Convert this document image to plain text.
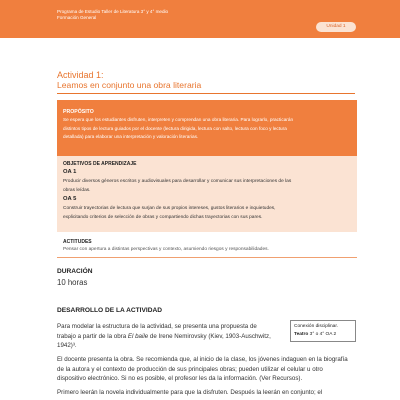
Programa de Estudio Taller de Literatura 3° y 4° medio
Formación General
Unidad 1
Actividad 1:
Leamos en conjunto una obra literaria
PROPÓSITO
Se espera que los estudiantes disfruten, interpreten y comprendan una obra literaria. Para lograrlo, practicarán
distintos tipos de lectura guiados por el docente (lectura dirigida, lectura con salto, lectura con foco y lectura
detallada) para elaborar una interpretación y valoración literarias.
OBJETIVOS DE APRENDIZAJE
OA 1
Producir diversos géneros escritos y audiovisuales para desarrollar y comunicar sus interpretaciones de las
obras leídas.
OA 5
Construir trayectorias de lectura que surjan de sus propios intereses, gustos literarios e inquietudes,
explicitando criterios de selección de obras y compartiendo dichas trayectorias con sus pares.
ACTITUDES
Pensar con apertura a distintas perspectivas y contexto, asumiendo riesgos y responsabilidades.
DURACIÓN
10 horas
DESARROLLO DE LA ACTIVIDAD
Para modelar la estructura de la actividad, se presenta una propuesta de
trabajo a partir de la obra El baile de Irene Nemirovsky (Kiev, 1903-Auschwitz,
1942)³.
Conexión disciplinar.
Teatro 3° o 4° OA 2
El docente presenta la obra. Se recomienda que, al inicio de la clase, los jóvenes indaguen en la biografía
de la autora y el contexto de producción de sus principales obras; pueden utilizar el celular u otro
dispositivo electrónico. Si no es posible, el profesor les da la información. (Ver Recursos).
Primero leerán la novela individualmente para que la disfruten. Después la leerán en conjunto; el
